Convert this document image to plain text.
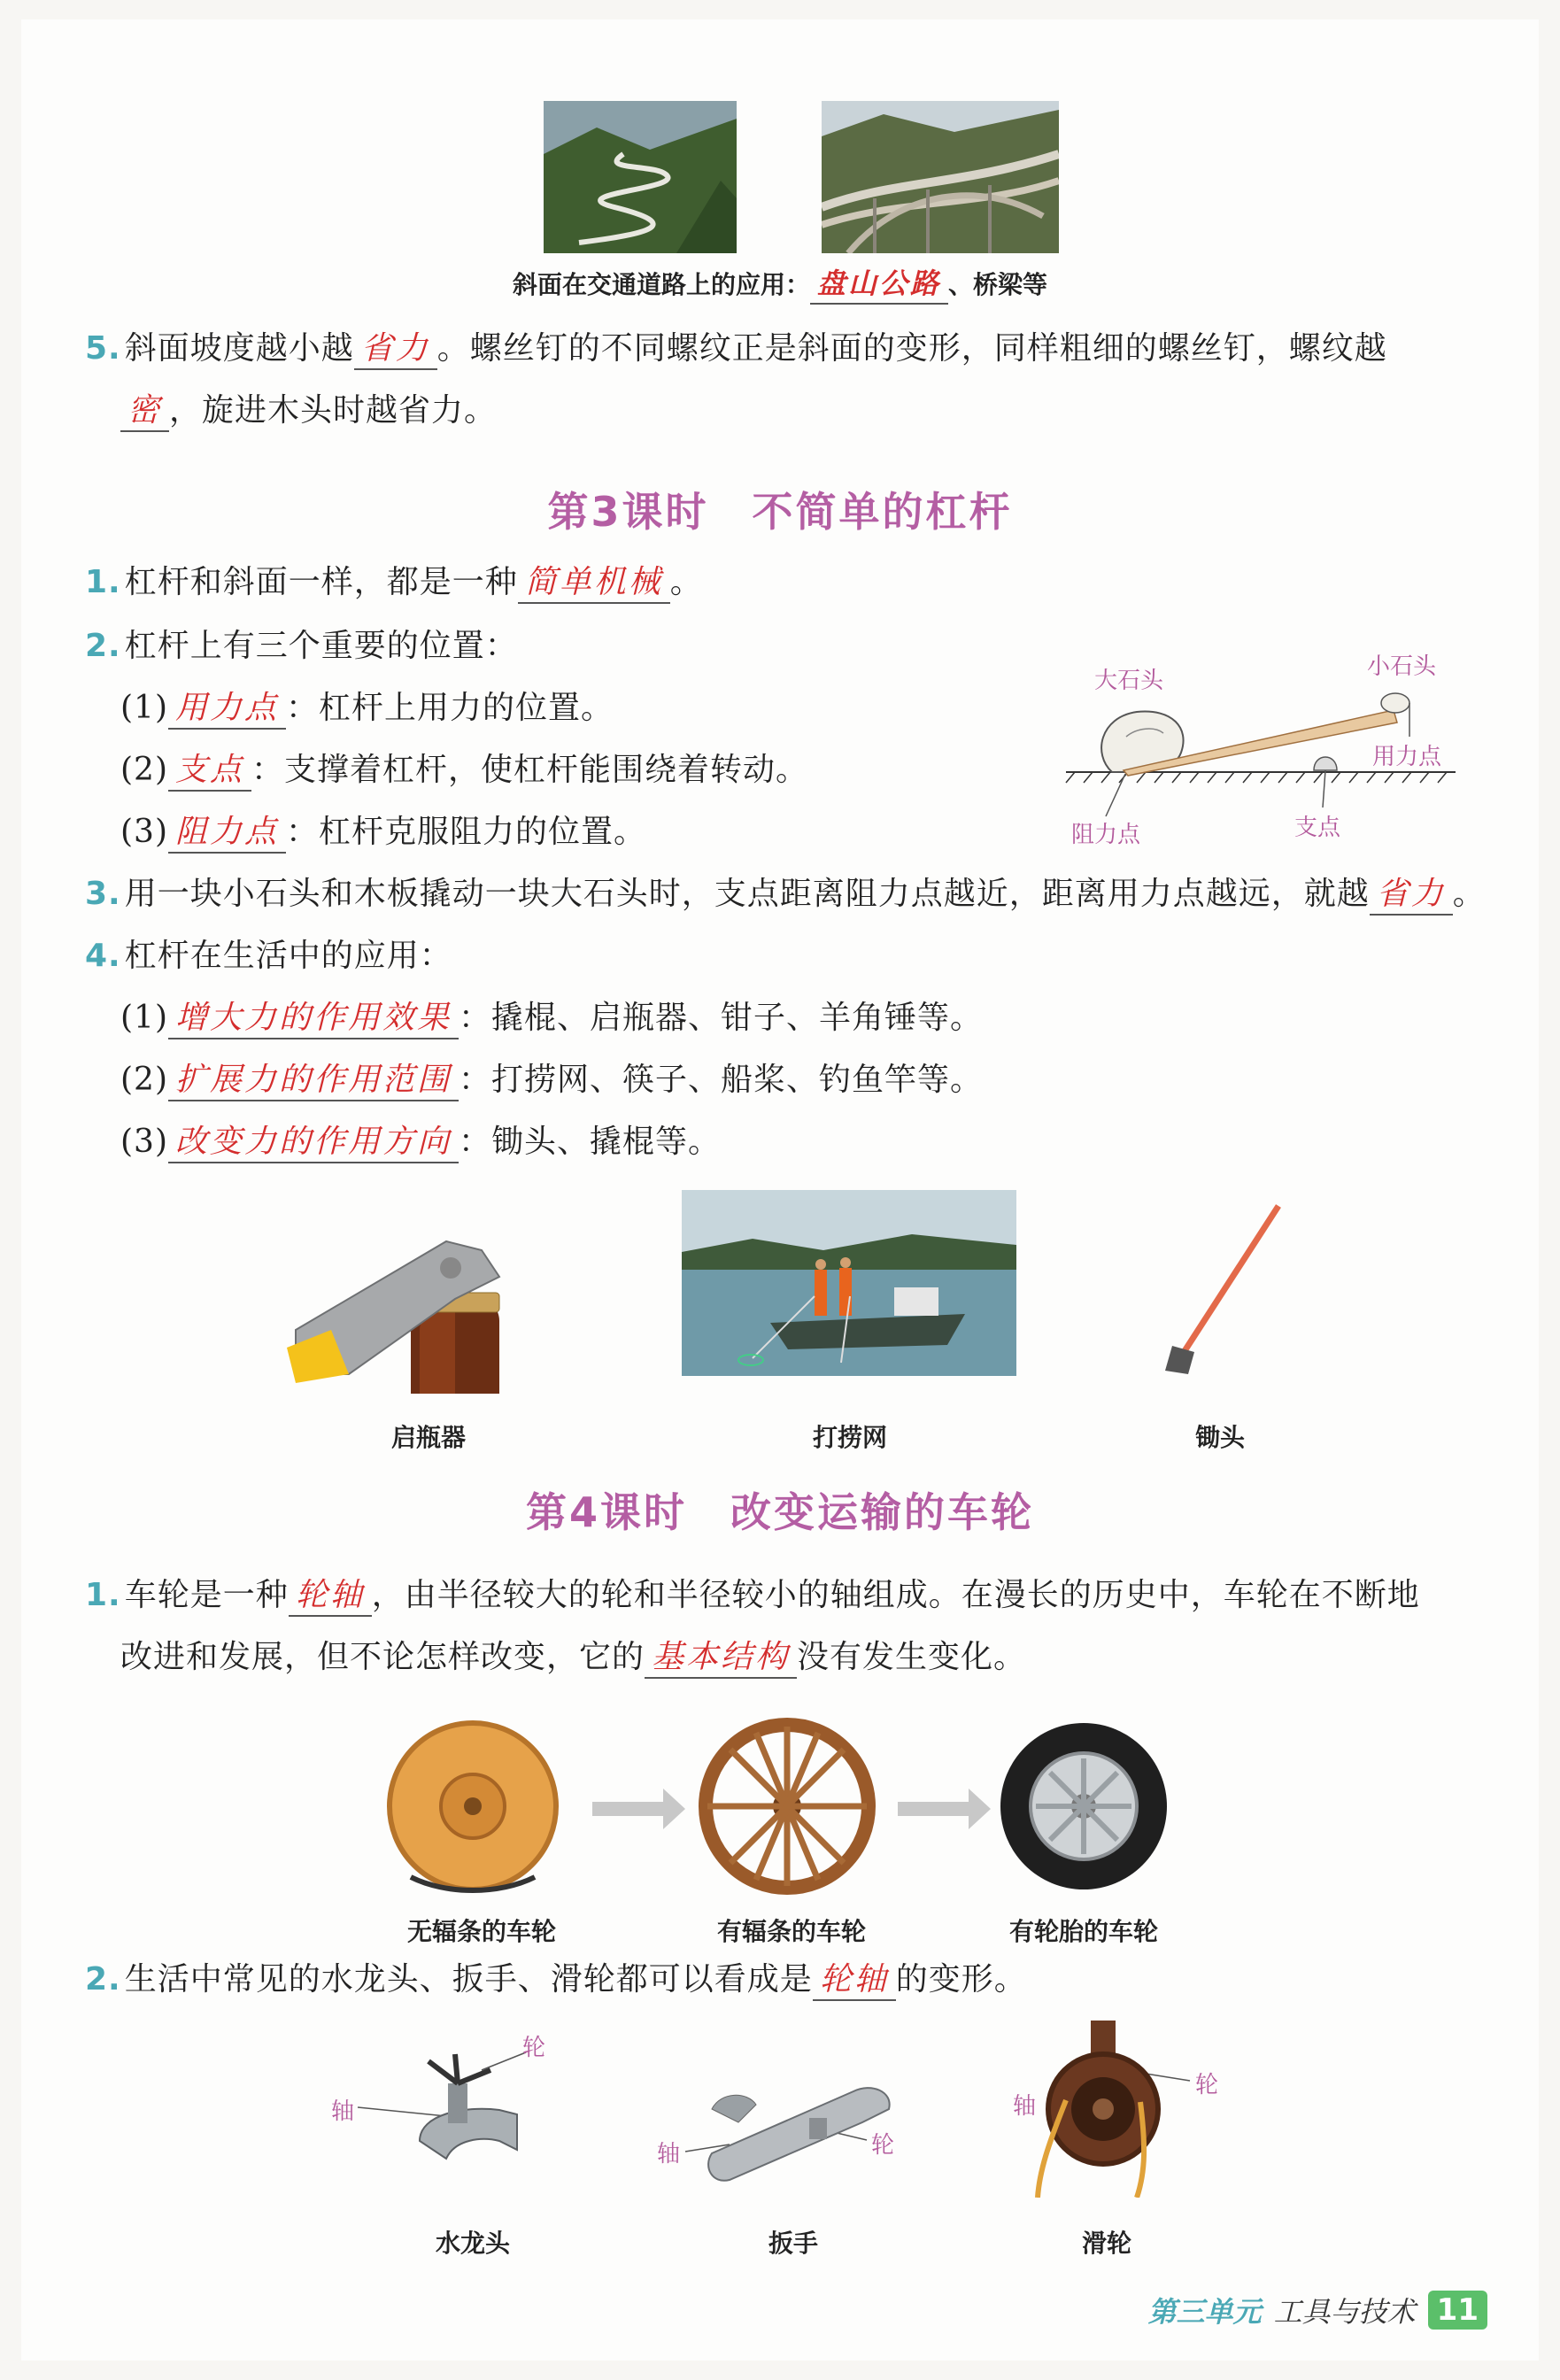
斜面在交通道路上的应用： 盘山公路 、桥梁等
5. 斜面坡度越小越 省力 。螺丝钉的不同螺纹正是斜面的变形，同样粗细的螺丝钉，螺纹越
密 ，旋进木头时越省力。
第3课时　不简单的杠杆
1. 杠杆和斜面一样，都是一种 简单机械 。
2. 杠杆上有三个重要的位置：
(1) 用力点 ：杠杆上用力的位置。
(2) 支点 ：支撑着杠杆，使杠杆能围绕着转动。
(3) 阻力点 ：杠杆克服阻力的位置。
大石头
小石头
用力点
阻力点	支点
3. 用一块小石头和木板撬动一块大石头时，支点距离阻力点越近，距离用力点越远，就越 省力 。
4. 杠杆在生活中的应用：
(1) 增大力的作用效果 ：撬棍、启瓶器、钳子、羊角锤等。
(2) 扩展力的作用范围 ：打捞网、筷子、船桨、钓鱼竿等。
(3) 改变力的作用方向 ：锄头、撬棍等。
启瓶器	打捞网	锄头
第4课时　改变运输的车轮
1. 车轮是一种 轮轴 ，由半径较大的轮和半径较小的轴组成。在漫长的历史中，车轮在不断地
改进和发展，但不论怎样改变，它的 基本结构 没有发生变化。
无辐条的车轮	有辐条的车轮	有轮胎的车轮
2. 生活中常见的水龙头、扳手、滑轮都可以看成是 轮轴 的变形。
轴
轮
轴	轮
轴
轮
水龙头	扳手	滑轮
第三单元 工具与技术 11
